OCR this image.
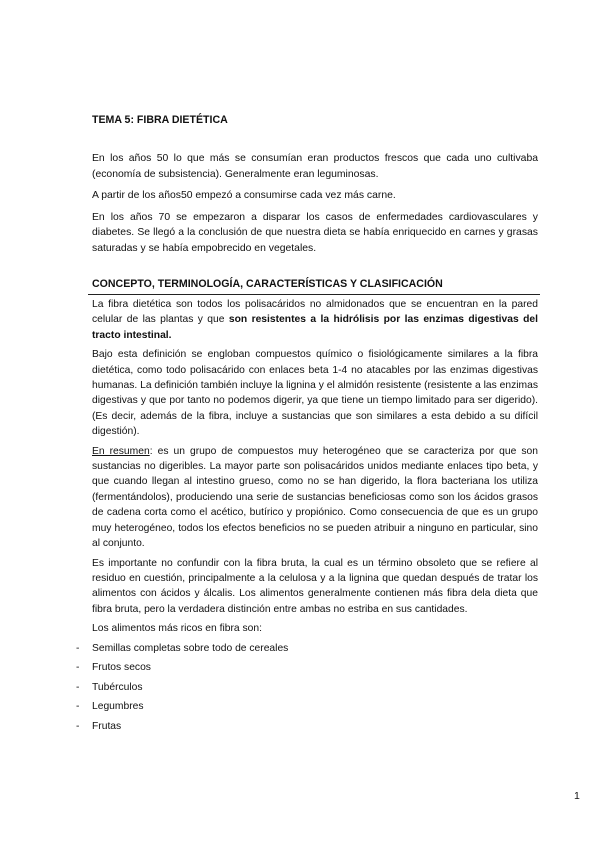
TEMA 5: FIBRA DIETÉTICA

En los años 50 lo que más se consumían eran productos frescos que cada uno cultivaba (economía de subsistencia). Generalmente eran leguminosas.

A partir de los años50 empezó a consumirse cada vez más carne.

En los años 70 se empezaron a disparar los casos de enfermedades cardiovasculares y diabetes. Se llegó a la conclusión de que nuestra dieta se había enriquecido en carnes y grasas saturadas y se había empobrecido en vegetales.

CONCEPTO, TERMINOLOGÍA, CARACTERÍSTICAS Y CLASIFICACIÓN

La fibra dietética son todos los polisacáridos no almidonados que se encuentran en la pared celular de las plantas y que son resistentes a la hidrólisis por las enzimas digestivas del tracto intestinal.

Bajo esta definición se engloban compuestos químico o fisiológicamente similares a la fibra dietética, como todo polisacárido con enlaces beta 1-4 no atacables por las enzimas digestivas humanas. La definición también incluye la lignina y el almidón resistente (resistente a las enzimas digestivas y que por tanto no podemos digerir, ya que tiene un tiempo limitado para ser digerido). (Es decir, además de la fibra, incluye a sustancias que son similares a esta debido a su difícil digestión).

En resumen: es un grupo de compuestos muy heterogéneo que se caracteriza por que son sustancias no digeribles. La mayor parte son polisacáridos unidos mediante enlaces tipo beta, y que cuando llegan al intestino grueso, como no se han digerido, la flora bacteriana los utiliza (fermentándolos), produciendo una serie de sustancias beneficiosas como son los ácidos grasos de cadena corta como el acético, butírico y propiónico. Como consecuencia de que es un grupo muy heterogéneo, todos los efectos beneficios no se pueden atribuir a ninguno en particular, sino al conjunto.

Es importante no confundir con la fibra bruta, la cual es un término obsoleto que se refiere al residuo en cuestión, principalmente a la celulosa y a la lignina que quedan después de tratar los alimentos con ácidos y álcalis. Los alimentos generalmente contienen más fibra dela dieta que fibra bruta, pero la verdadera distinción entre ambas no estriba en sus cantidades.

Los alimentos más ricos en fibra son:

- Semillas completas sobre todo de cereales
- Frutos secos
- Tubérculos
- Legumbres
- Frutas
1
